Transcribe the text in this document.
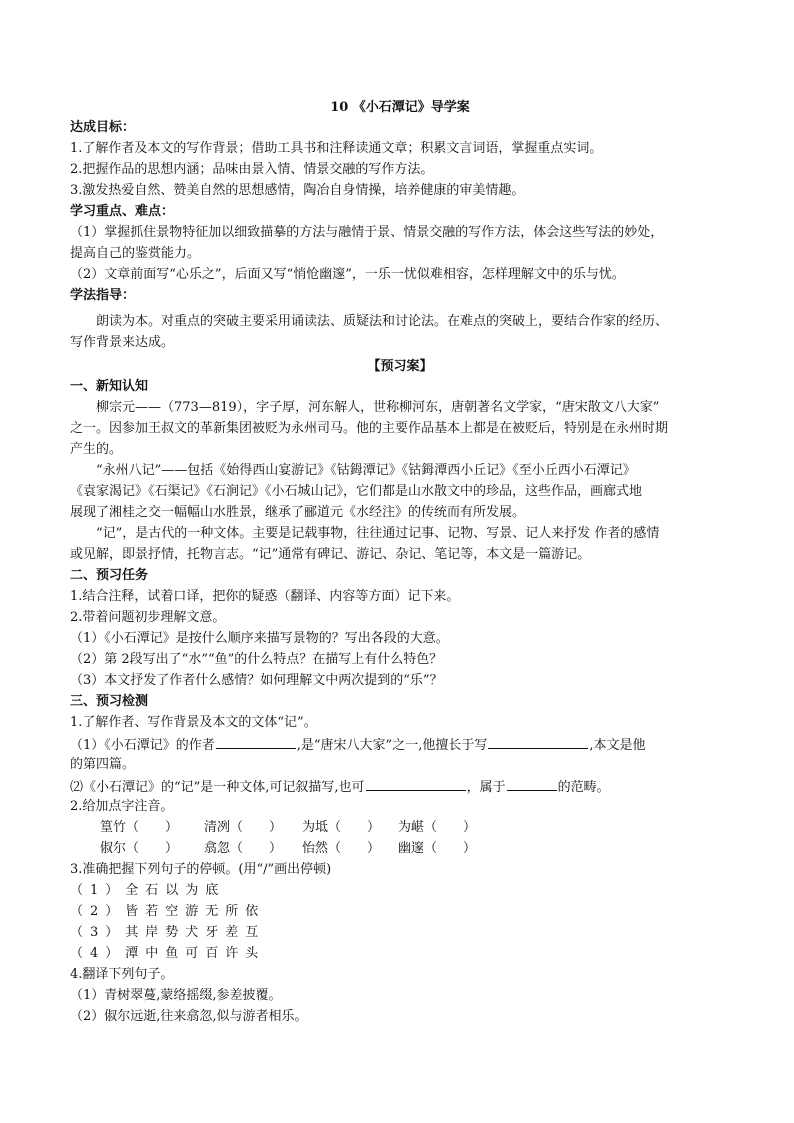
10 《小石潭记》导学案
达成目标：
1.了解作者及本文的写作背景；借助工具书和注释读通文章；积累文言词语，掌握重点实词。
2.把握作品的思想内涵；品味由景入情、情景交融的写作方法。
3.激发热爱自然、赞美自然的思想感情，陶冶自身情操，培养健康的审美情趣。
学习重点、难点：
（1）掌握抓住景物特征加以细致描摹的方法与融情于景、情景交融的写作方法，体会这些写法的妙处，
提高自己的鉴赏能力。
（2）文章前面写“心乐之”，后面又写“悄怆幽邃”，一乐一忧似难相容，怎样理解文中的乐与忧。
学法指导：
朗读为本。对重点的突破主要采用诵读法、质疑法和讨论法。在难点的突破上，要结合作家的经历、
写作背景来达成。
【预习案】
一、新知认知
柳宗元——（773—819），字子厚，河东解人，世称柳河东，唐朝著名文学家，“唐宋散文八大家”
之一。因参加王叔文的革新集团被贬为永州司马。他的主要作品基本上都是在被贬后，特别是在永州时期
产生的。
“永州八记”——包括《始得西山宴游记》《钴鉧潭记》《钴鉧潭西小丘记》《至小丘西小石潭记》
《袁家渴记》《石渠记》《石涧记》《小石城山记》，它们都是山水散文中的珍品，这些作品，画廊式地
展现了湘桂之交一幅幅山水胜景，继承了郦道元《水经注》的传统而有所发展。
“记”，是古代的一种文体。主要是记载事物，往往通过记事、记物、写景、记人来抒发 作者的感情
或见解，即景抒情，托物言志。“记”通常有碑记、游记、杂记、笔记等，本文是一篇游记。
二、预习任务
1.结合注释，试着口译，把你的疑惑（翻译、内容等方面）记下来。
2.带着问题初步理解文意。
（1）《小石潭记》是按什么顺序来描写景物的？写出各段的大意。
（2）第 2段写出了“水”“鱼”的什么特点？在描写上有什么特色？
（3）本文抒发了作者什么感情？如何理解文中两次提到的“乐”？
三、预习检测
1.了解作者、写作背景及本文的文体“记”。
（1）《小石潭记》的作者	,是“唐宋八大家”之一,他擅长于写	,本文是他
的第四篇。
⑵《小石潭记》的“记”是一种文体,可记叙描写,也可	，属于	的范畴。
2.给加点字注音。
篁竹（　　） 清冽（　　） 为坻（　　） 为嵁（　　）
俶尔（　　） 翕忽（　　） 怡然（　　） 幽邃（　　）
3.准确把握下列句子的停顿。(用“/”画出停顿)
（1）全石以为底
（2）皆若空游无所依
（3）其岸势犬牙差互
（4）潭中鱼可百许头
4.翻译下列句子。
（1）青树翠蔓,蒙络摇缀,参差披覆。
（2）俶尔远逝,往来翕忽,似与游者相乐。
